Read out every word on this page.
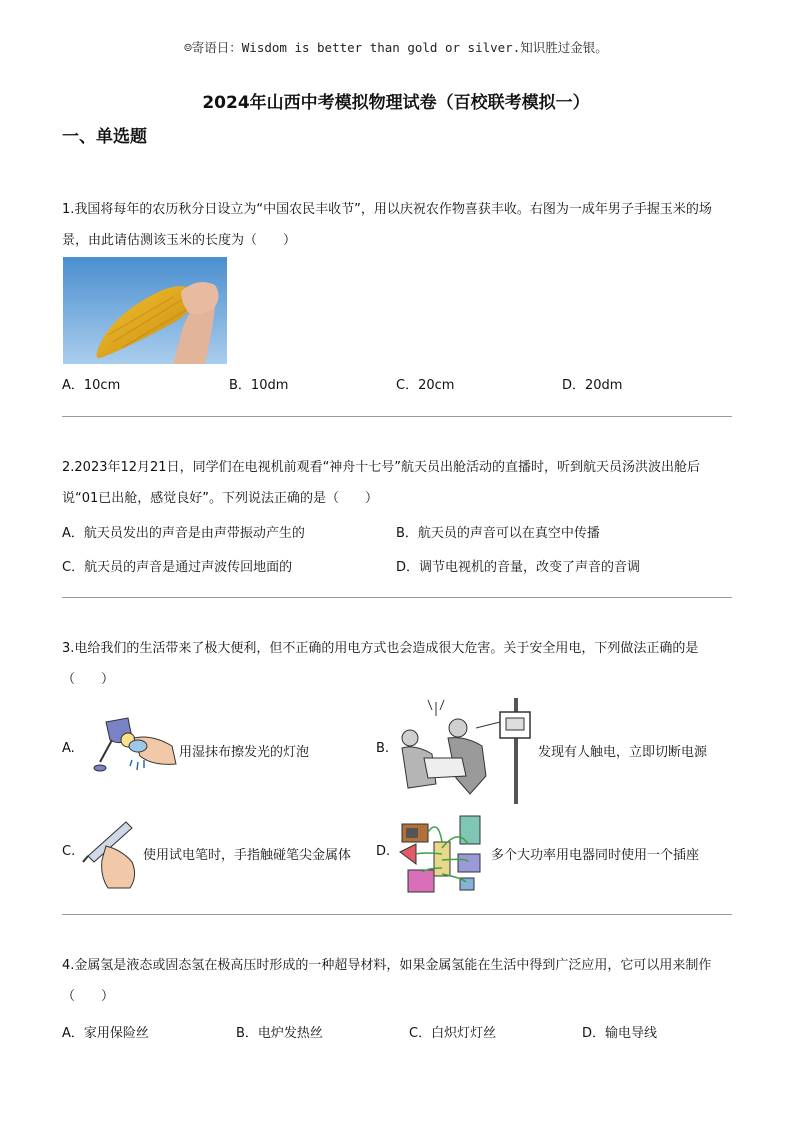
☺寄语日：Wisdom is better than gold or silver.知识胜过金银。
2024年山西中考模拟物理试卷（百校联考模拟一）
一、单选题
1.我国将每年的农历秋分日设立为“中国农民丰收节”，用以庆祝农作物喜获丰收。右图为一成年男子手握玉米的场景，由此请估测该玉米的长度为（　　）
A．10cm	B．10dm	C．20cm	D．20dm
2.2023年12月21日，同学们在电视机前观看“神舟十七号”航天员出舱活动的直播时，听到航天员汤洪波出舱后说“01已出舱，感觉良好”。下列说法正确的是（　　）
A．航天员发出的声音是由声带振动产生的	B．航天员的声音可以在真空中传播
C．航天员的声音是通过声波传回地面的	D．调节电视机的音量，改变了声音的音调
3.电给我们的生活带来了极大便利，但不正确的用电方式也会造成很大危害。关于安全用电，下列做法正确的是（　　）
A.	用湿抹布擦发光的灯泡	B.	发现有人触电，立即切断电源
C.	使用试电笔时，手指触碰笔尖金属体 D.	多个大功率用电器同时使用一个插座
4.金属氢是液态或固态氢在极高压时形成的一种超导材料，如果金属氢能在生活中得到广泛应用，它可以用来制作（　　）
A．家用保险丝	B．电炉发热丝	C．白炽灯灯丝	D．输电导线
